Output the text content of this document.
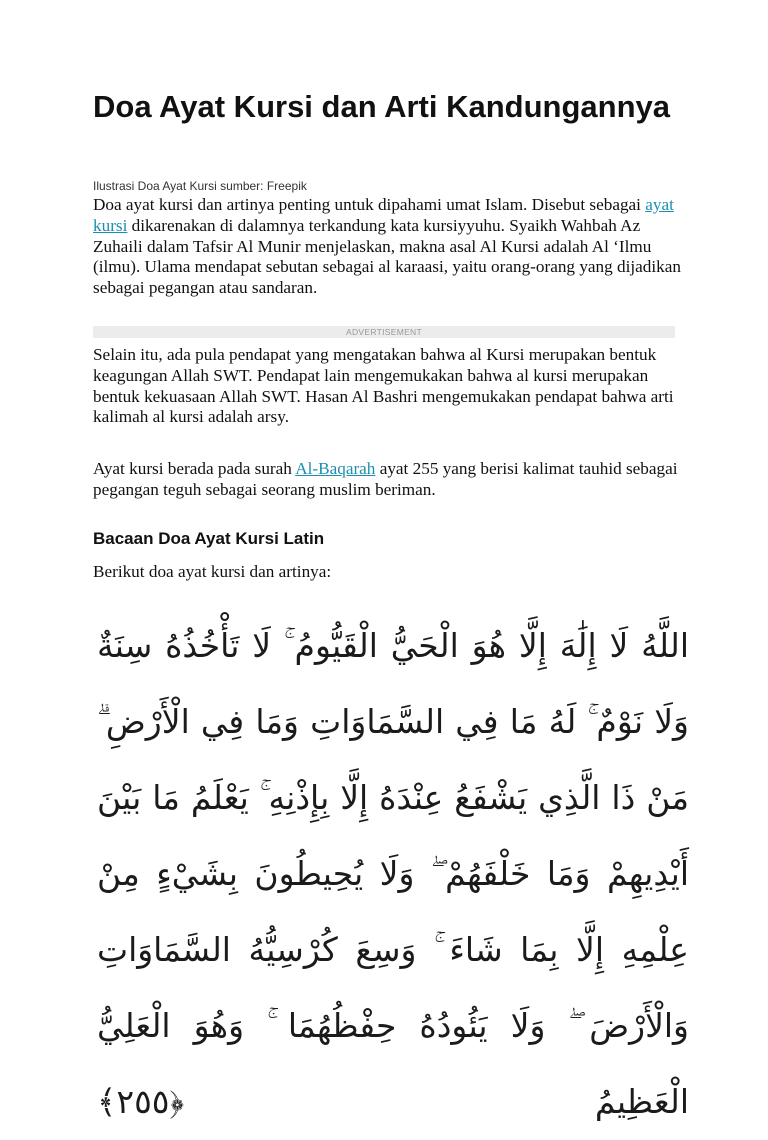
Doa Ayat Kursi dan Arti Kandungannya
Ilustrasi Doa Ayat Kursi sumber: Freepik

Doa ayat kursi dan artinya penting untuk dipahami umat Islam. Disebut sebagai ayat kursi dikarenakan di dalamnya terkandung kata kursiyyuhu. Syaikh Wahbah Az Zuhaili dalam Tafsir Al Munir menjelaskan, makna asal Al Kursi adalah Al ‘Ilmu (ilmu). Ulama mendapat sebutan sebagai al karaasi, yaitu orang-orang yang dijadikan sebagai pegangan atau sandaran.

ADVERTISEMENT

Selain itu, ada pula pendapat yang mengatakan bahwa al Kursi merupakan bentuk keagungan Allah SWT. Pendapat lain mengemukakan bahwa al kursi merupakan bentuk kekuasaan Allah SWT. Hasan Al Bashri mengemukakan pendapat bahwa arti kalimah al kursi adalah arsy.

Ayat kursi berada pada surah Al-Baqarah ayat 255 yang berisi kalimat tauhid sebagai pegangan teguh sebagai seorang muslim beriman.

Bacaan Doa Ayat Kursi Latin

Berikut doa ayat kursi dan artinya:

اللَّهُ لَا إِلَٰهَ إِلَّا هُوَ الْحَيُّ الْقَيُّومُ ۚ لَا تَأْخُذُهُ سِنَةٌ وَلَا نَوْمٌ ۚ لَهُ مَا فِي السَّمَاوَاتِ وَمَا فِي الْأَرْضِ ۗ مَنْ ذَا الَّذِي يَشْفَعُ عِنْدَهُ إِلَّا بِإِذْنِهِ ۚ يَعْلَمُ مَا بَيْنَ أَيْدِيهِمْ وَمَا خَلْفَهُمْ ۖ وَلَا يُحِيطُونَ بِشَيْءٍ مِنْ عِلْمِهِ إِلَّا بِمَا شَاءَ ۚ وَسِعَ كُرْسِيُّهُ السَّمَاوَاتِ وَالْأَرْضَ ۖ وَلَا يَئُودُهُ حِفْظُهُمَا ۚ وَهُوَ الْعَلِيُّ الْعَظِيمُ ﴿٢٥٥﴾
